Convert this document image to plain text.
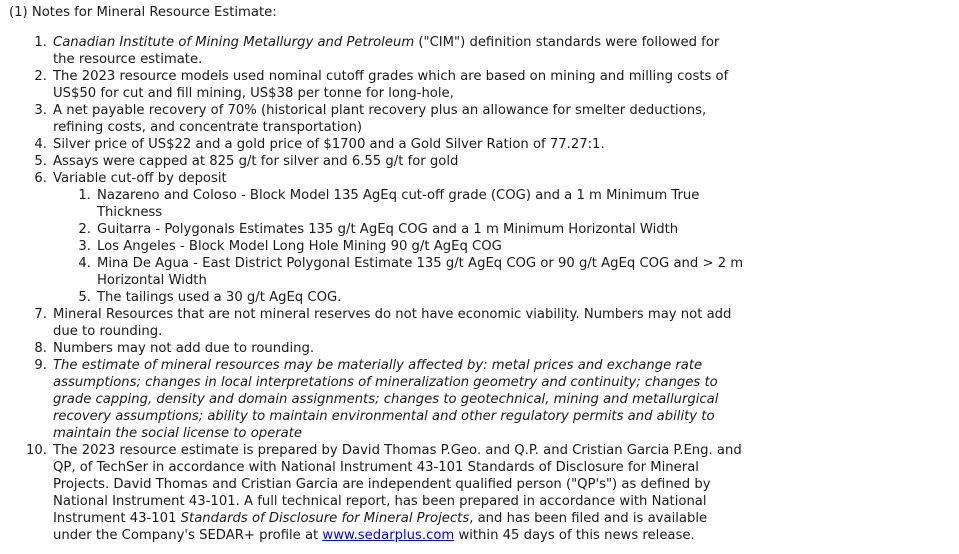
(1) Notes for Mineral Resource Estimate:
1. Canadian Institute of Mining Metallurgy and Petroleum ("CIM") definition standards were followed for
the resource estimate.
2. The 2023 resource models used nominal cutoff grades which are based on mining and milling costs of
US$50 for cut and fill mining, US$38 per tonne for long-hole,
3. A net payable recovery of 70% (historical plant recovery plus an allowance for smelter deductions,
refining costs, and concentrate transportation)
4. Silver price of US$22 and a gold price of $1700 and a Gold Silver Ration of 77.27:1.
5. Assays were capped at 825 g/t for silver and 6.55 g/t for gold
6. Variable cut-off by deposit
1. Nazareno and Coloso - Block Model 135 AgEq cut-off grade (COG) and a 1 m Minimum True
Thickness
2. Guitarra - Polygonals Estimates 135 g/t AgEq COG and a 1 m Minimum Horizontal Width
3. Los Angeles - Block Model Long Hole Mining 90 g/t AgEq COG
4. Mina De Agua - East District Polygonal Estimate 135 g/t AgEq COG or 90 g/t AgEq COG and > 2 m
Horizontal Width
5. The tailings used a 30 g/t AgEq COG.
7. Mineral Resources that are not mineral reserves do not have economic viability. Numbers may not add
due to rounding.
8. Numbers may not add due to rounding.
9. The estimate of mineral resources may be materially affected by: metal prices and exchange rate
assumptions; changes in local interpretations of mineralization geometry and continuity; changes to
grade capping, density and domain assignments; changes to geotechnical, mining and metallurgical
recovery assumptions; ability to maintain environmental and other regulatory permits and ability to
maintain the social license to operate
10. The 2023 resource estimate is prepared by David Thomas P.Geo. and Q.P. and Cristian Garcia P.Eng. and
QP, of TechSer in accordance with National Instrument 43-101 Standards of Disclosure for Mineral
Projects. David Thomas and Cristian Garcia are independent qualified person ("QP's") as defined by
National Instrument 43-101. A full technical report, has been prepared in accordance with National
Instrument 43-101 Standards of Disclosure for Mineral Projects, and has been filed and is available
under the Company's SEDAR+ profile at www.sedarplus.com within 45 days of this news release.
